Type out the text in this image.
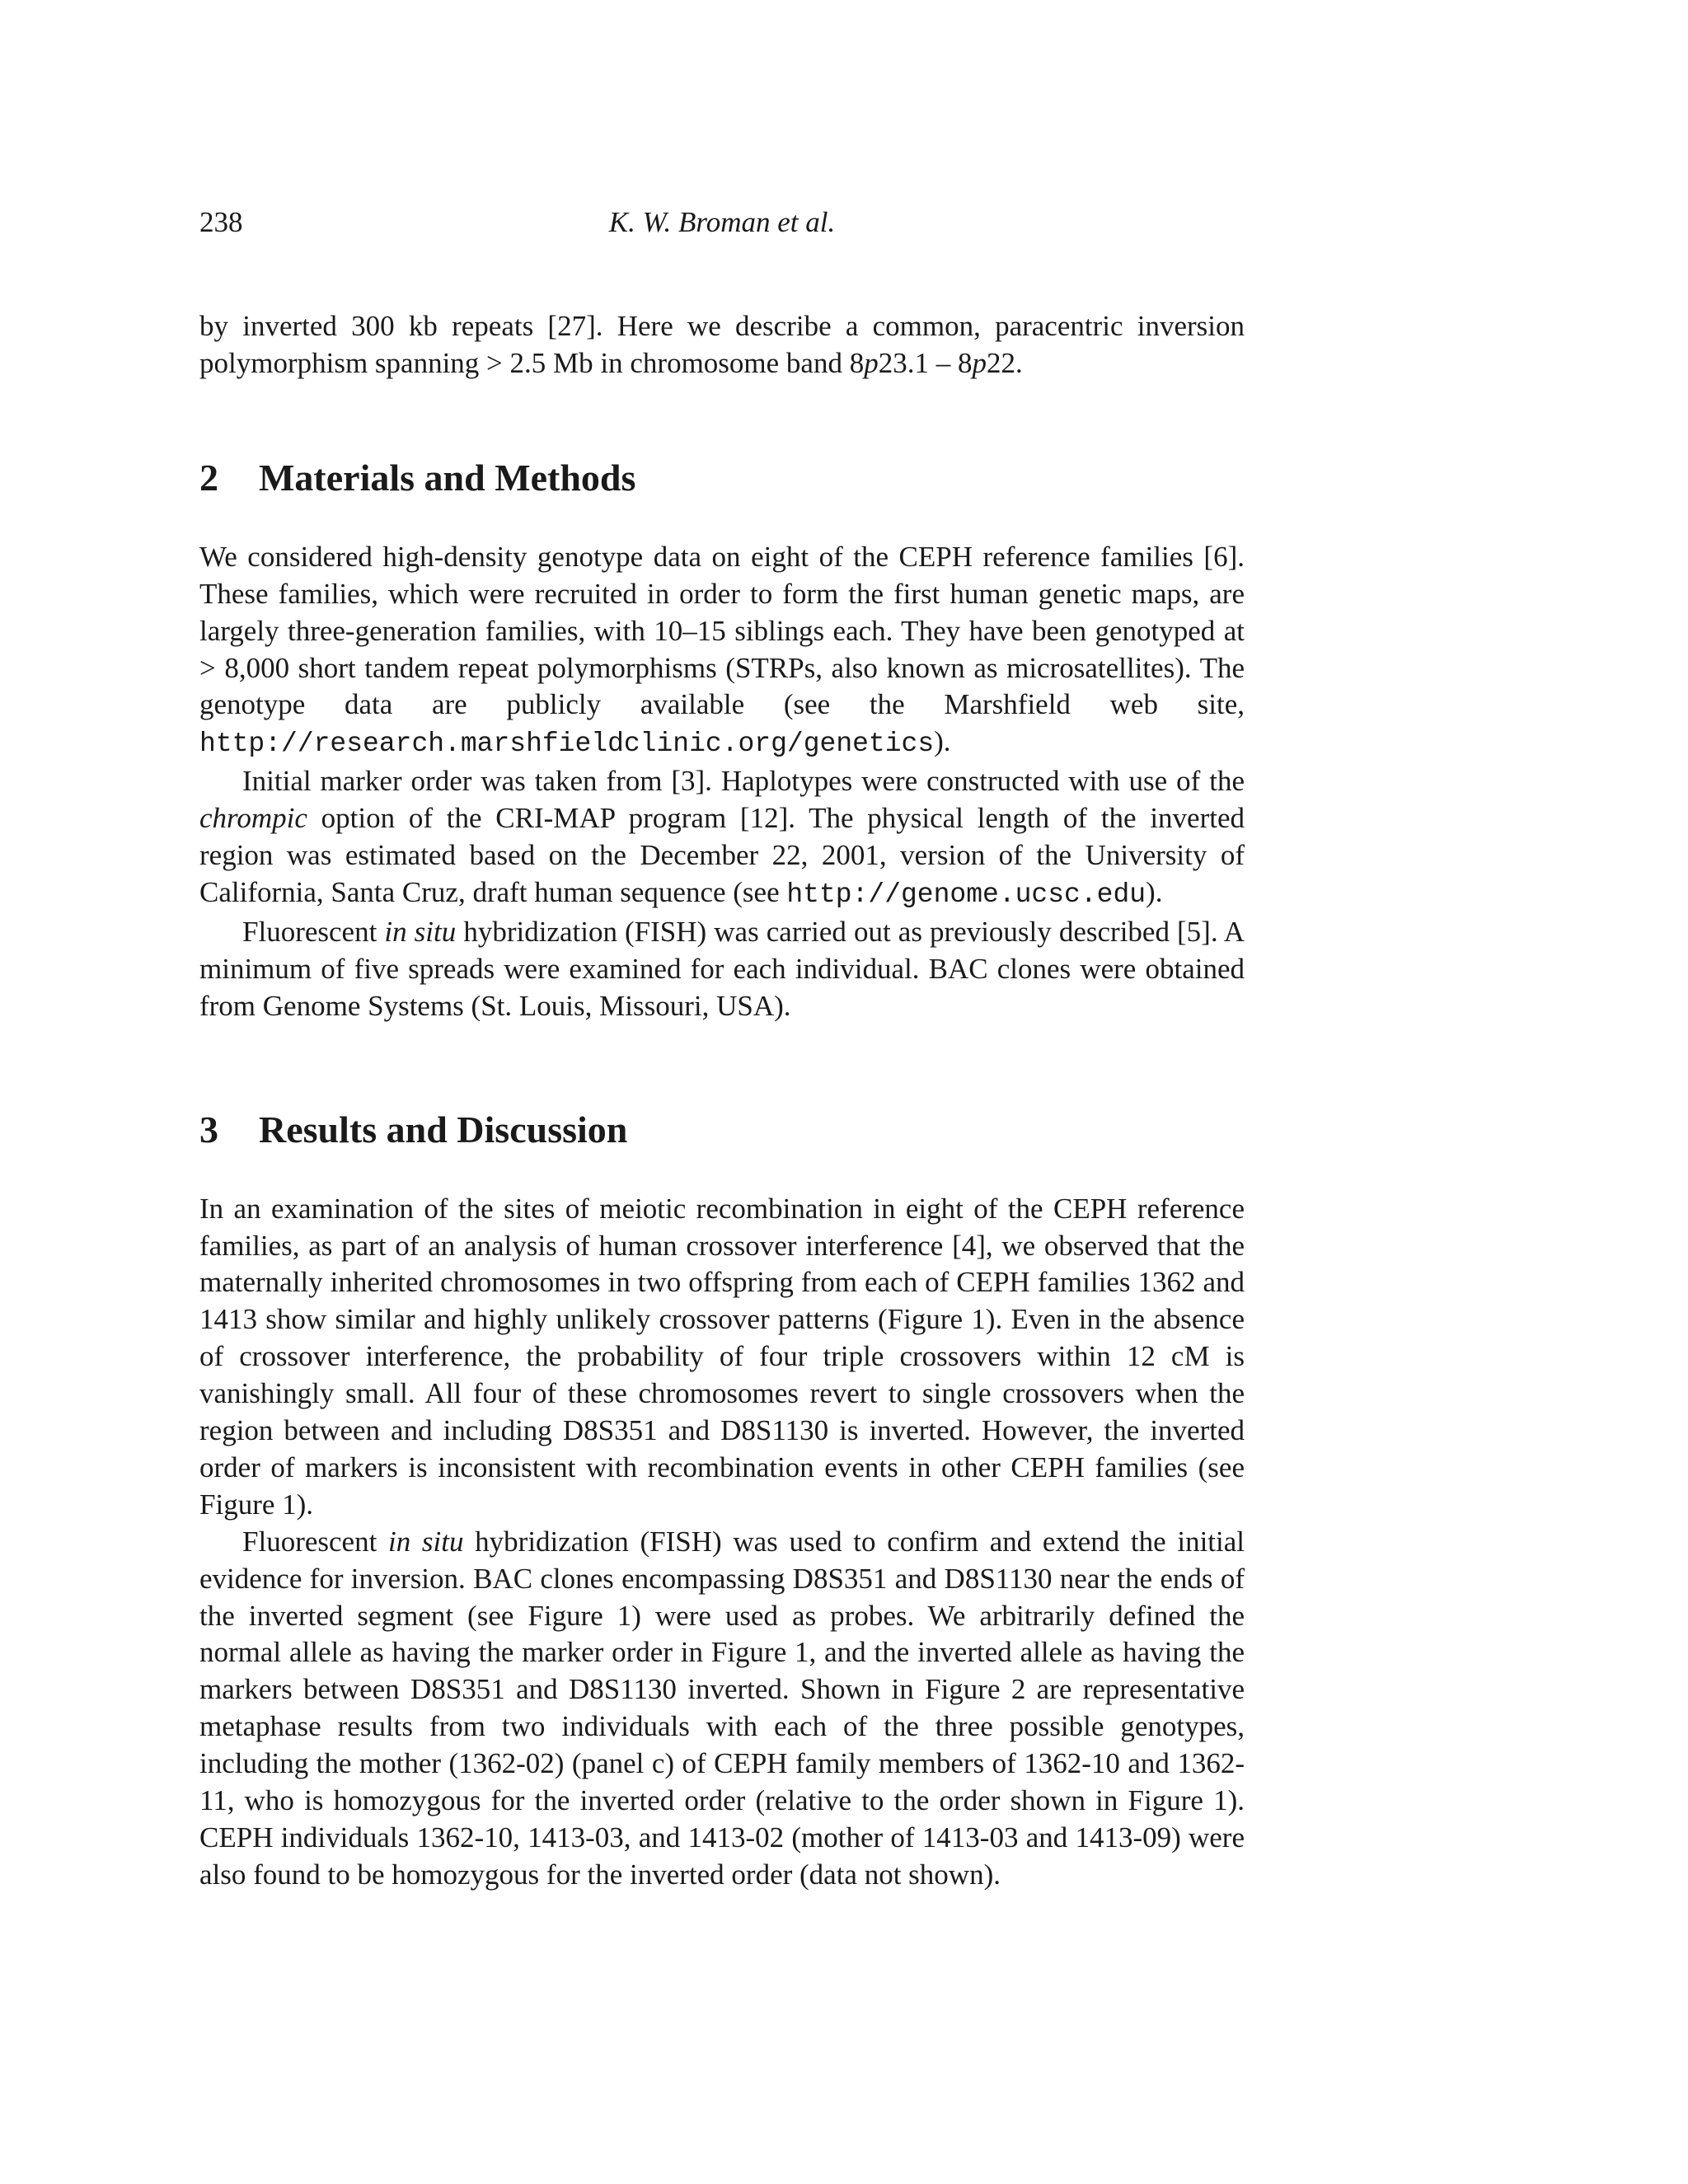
238	K. W. Broman et al.

by inverted 300 kb repeats [27]. Here we describe a common, paracentric inversion polymorphism spanning > 2.5 Mb in chromosome band 8p23.1 – 8p22.

2 Materials and Methods

We considered high-density genotype data on eight of the CEPH reference families [6]. These families, which were recruited in order to form the first human genetic maps, are largely three-generation families, with 10–15 siblings each. They have been genotyped at > 8,000 short tandem repeat polymorphisms (STRPs, also known as microsatellites). The genotype data are publicly available (see the Marshfield web site, http://research.marshfieldclinic.org/genetics).

Initial marker order was taken from [3]. Haplotypes were constructed with use of the chrompic option of the CRI-MAP program [12]. The physical length of the inverted region was estimated based on the December 22, 2001, version of the University of California, Santa Cruz, draft human sequence (see http://genome.ucsc.edu).

Fluorescent in situ hybridization (FISH) was carried out as previously described [5]. A minimum of five spreads were examined for each individual. BAC clones were obtained from Genome Systems (St. Louis, Missouri, USA).

3 Results and Discussion

In an examination of the sites of meiotic recombination in eight of the CEPH reference families, as part of an analysis of human crossover interference [4], we observed that the maternally inherited chromosomes in two offspring from each of CEPH families 1362 and 1413 show similar and highly unlikely crossover patterns (Figure 1). Even in the absence of crossover interference, the probability of four triple crossovers within 12 cM is vanishingly small. All four of these chromosomes revert to single crossovers when the region between and including D8S351 and D8S1130 is inverted. However, the inverted order of markers is inconsistent with recombination events in other CEPH families (see Figure 1).

Fluorescent in situ hybridization (FISH) was used to confirm and extend the initial evidence for inversion. BAC clones encompassing D8S351 and D8S1130 near the ends of the inverted segment (see Figure 1) were used as probes. We arbitrarily defined the normal allele as having the marker order in Figure 1, and the inverted allele as having the markers between D8S351 and D8S1130 inverted. Shown in Figure 2 are representative metaphase results from two individuals with each of the three possible genotypes, including the mother (1362-02) (panel c) of CEPH family members of 1362-10 and 1362-11, who is homozygous for the inverted order (relative to the order shown in Figure 1). CEPH individuals 1362-10, 1413-03, and 1413-02 (mother of 1413-03 and 1413-09) were also found to be homozygous for the inverted order (data not shown).
